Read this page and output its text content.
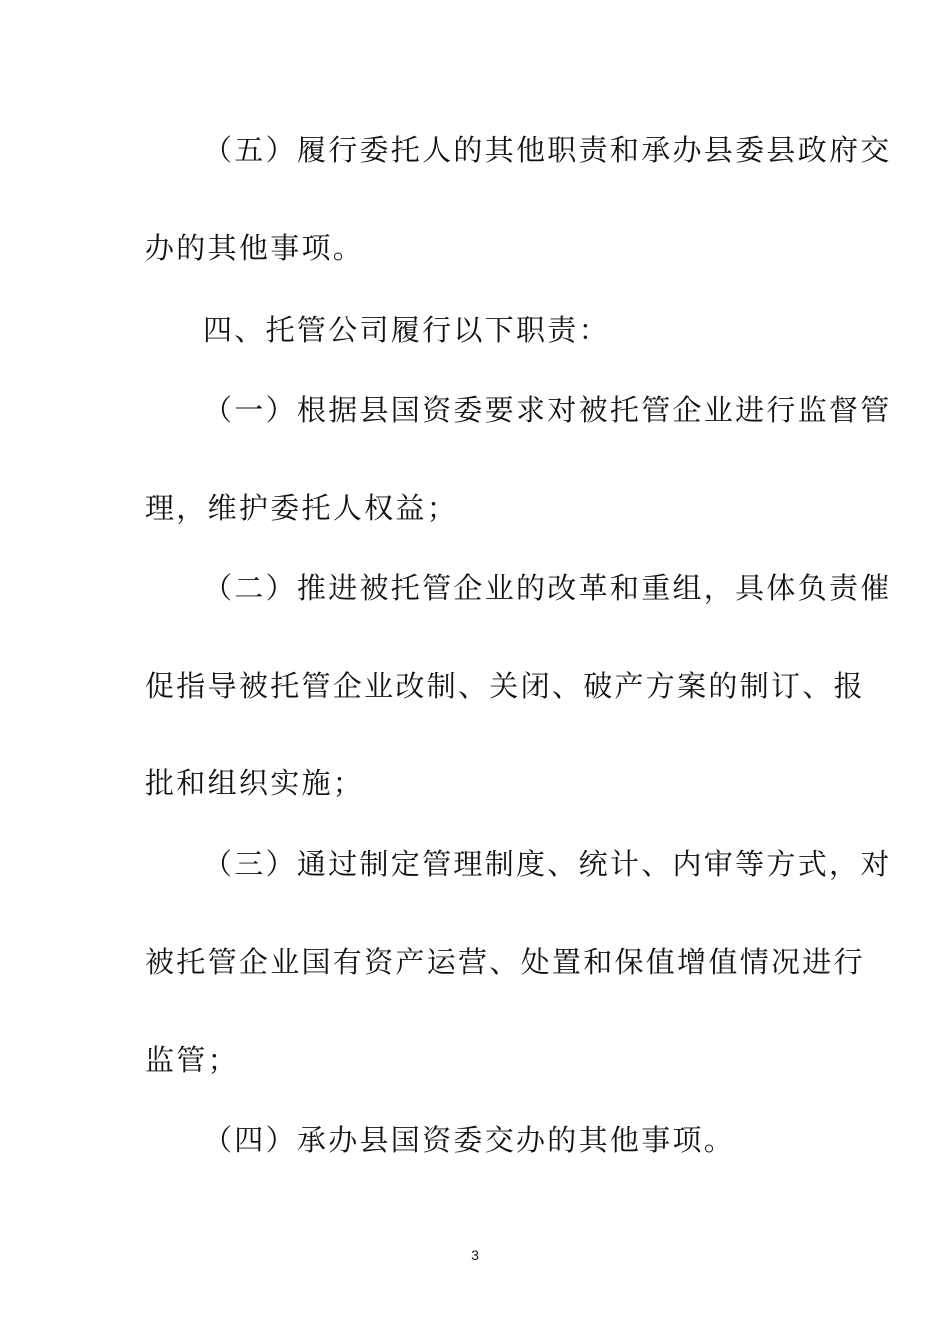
（五）履行委托人的其他职责和承办县委县政府交

办的其他事项。

四、托管公司履行以下职责：

（一）根据县国资委要求对被托管企业进行监督管

理，维护委托人权益；

（二）推进被托管企业的改革和重组，具体负责催

促指导被托管企业改制、关闭、破产方案的制订、报

批和组织实施；

（三）通过制定管理制度、统计、内审等方式，对

被托管企业国有资产运营、处置和保值增值情况进行

监管；

（四）承办县国资委交办的其他事项。

3
